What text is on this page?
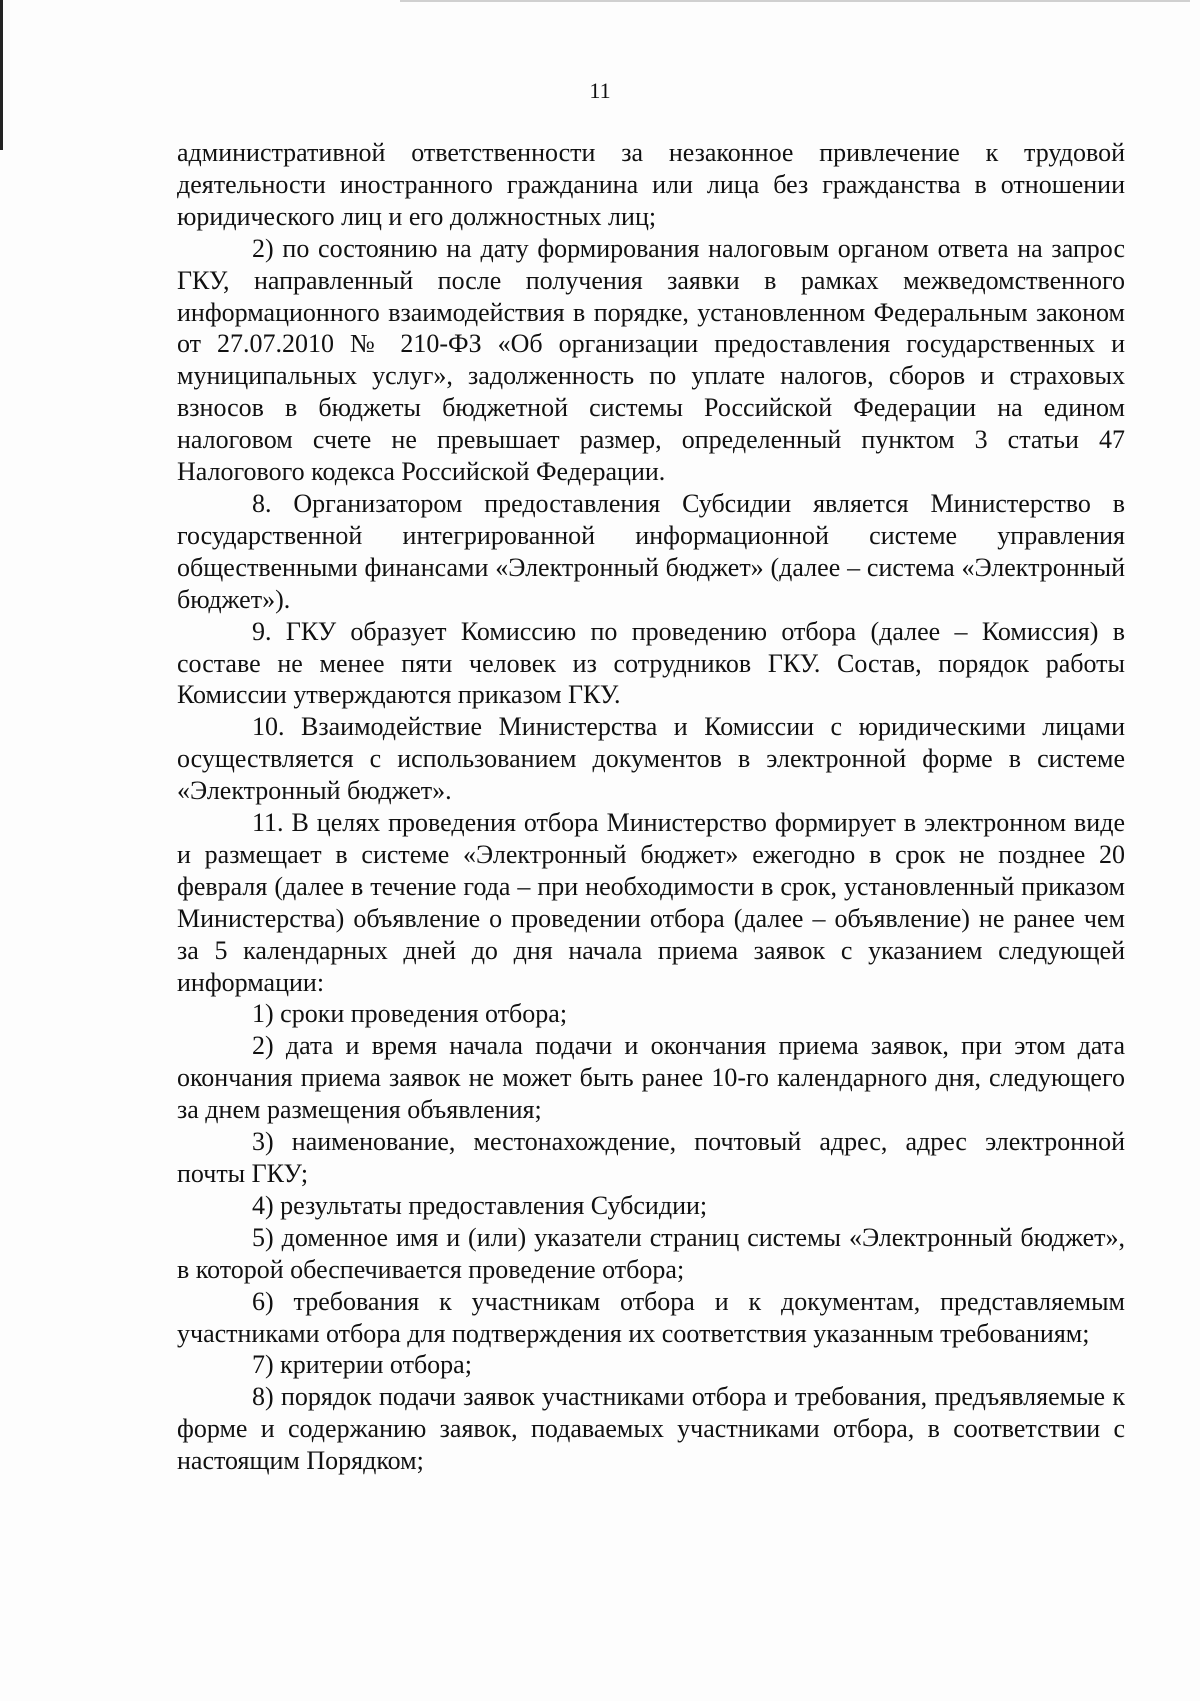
11

административной ответственности за незаконное привлечение к трудовой деятельности иностранного гражданина или лица без гражданства в отношении юридического лиц и его должностных лиц;

2) по состоянию на дату формирования налоговым органом ответа на запрос ГКУ, направленный после получения заявки в рамках межведомственного информационного взаимодействия в порядке, установленном Федеральным законом от 27.07.2010 № 210-ФЗ «Об организации предоставления государственных и муниципальных услуг», задолженность по уплате налогов, сборов и страховых взносов в бюджеты бюджетной системы Российской Федерации на едином налоговом счете не превышает размер, определенный пунктом 3 статьи 47 Налогового кодекса Российской Федерации.

8. Организатором предоставления Субсидии является Министерство в государственной интегрированной информационной системе управления общественными финансами «Электронный бюджет» (далее – система «Электронный бюджет»).

9. ГКУ образует Комиссию по проведению отбора (далее – Комиссия) в составе не менее пяти человек из сотрудников ГКУ. Состав, порядок работы Комиссии утверждаются приказом ГКУ.

10. Взаимодействие Министерства и Комиссии с юридическими лицами осуществляется с использованием документов в электронной форме в системе «Электронный бюджет».

11. В целях проведения отбора Министерство формирует в электронном виде и размещает в системе «Электронный бюджет» ежегодно в срок не позднее 20 февраля (далее в течение года – при необходимости в срок, установленный приказом Министерства) объявление о проведении отбора (далее – объявление) не ранее чем за 5 календарных дней до дня начала приема заявок с указанием следующей информации:

1) сроки проведения отбора;

2) дата и время начала подачи и окончания приема заявок, при этом дата окончания приема заявок не может быть ранее 10-го календарного дня, следующего за днем размещения объявления;

3) наименование, местонахождение, почтовый адрес, адрес электронной почты ГКУ;

4) результаты предоставления Субсидии;

5) доменное имя и (или) указатели страниц системы «Электронный бюджет», в которой обеспечивается проведение отбора;

6) требования к участникам отбора и к документам, представляемым участниками отбора для подтверждения их соответствия указанным требованиям;

7) критерии отбора;

8) порядок подачи заявок участниками отбора и требования, предъявляемые к форме и содержанию заявок, подаваемых участниками отбора, в соответствии с настоящим Порядком;
